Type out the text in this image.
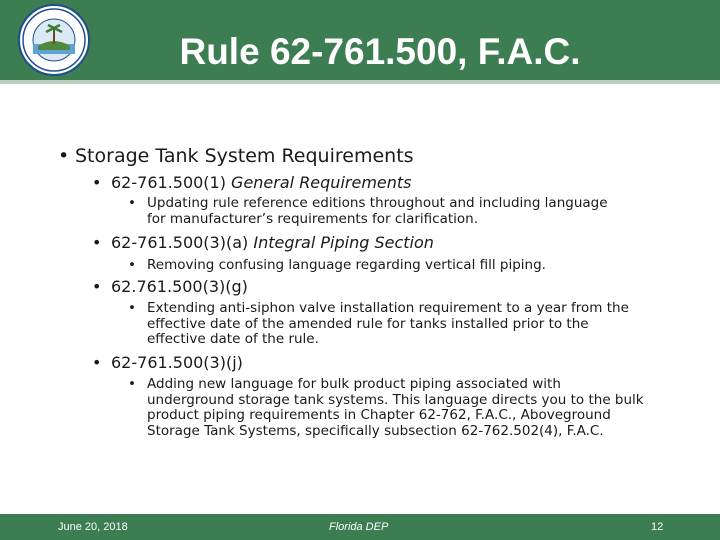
Rule 62-761.500, F.A.C.
• Storage Tank System Requirements
• 62-761.500(1) General Requirements
• Updating rule reference editions throughout and including language for manufacturer’s requirements for clarification.
• 62-761.500(3)(a) Integral Piping Section
• Removing confusing language regarding vertical fill piping.
• 62.761.500(3)(g)
• Extending anti-siphon valve installation requirement to a year from the effective date of the amended rule for tanks installed prior to the effective date of the rule.
• 62-761.500(3)(j)
• Adding new language for bulk product piping associated with underground storage tank systems. This language directs you to the bulk product piping requirements in Chapter 62-762, F.A.C., Aboveground Storage Tank Systems, specifically subsection 62-762.502(4), F.A.C.
June 20, 2018	Florida DEP	12
